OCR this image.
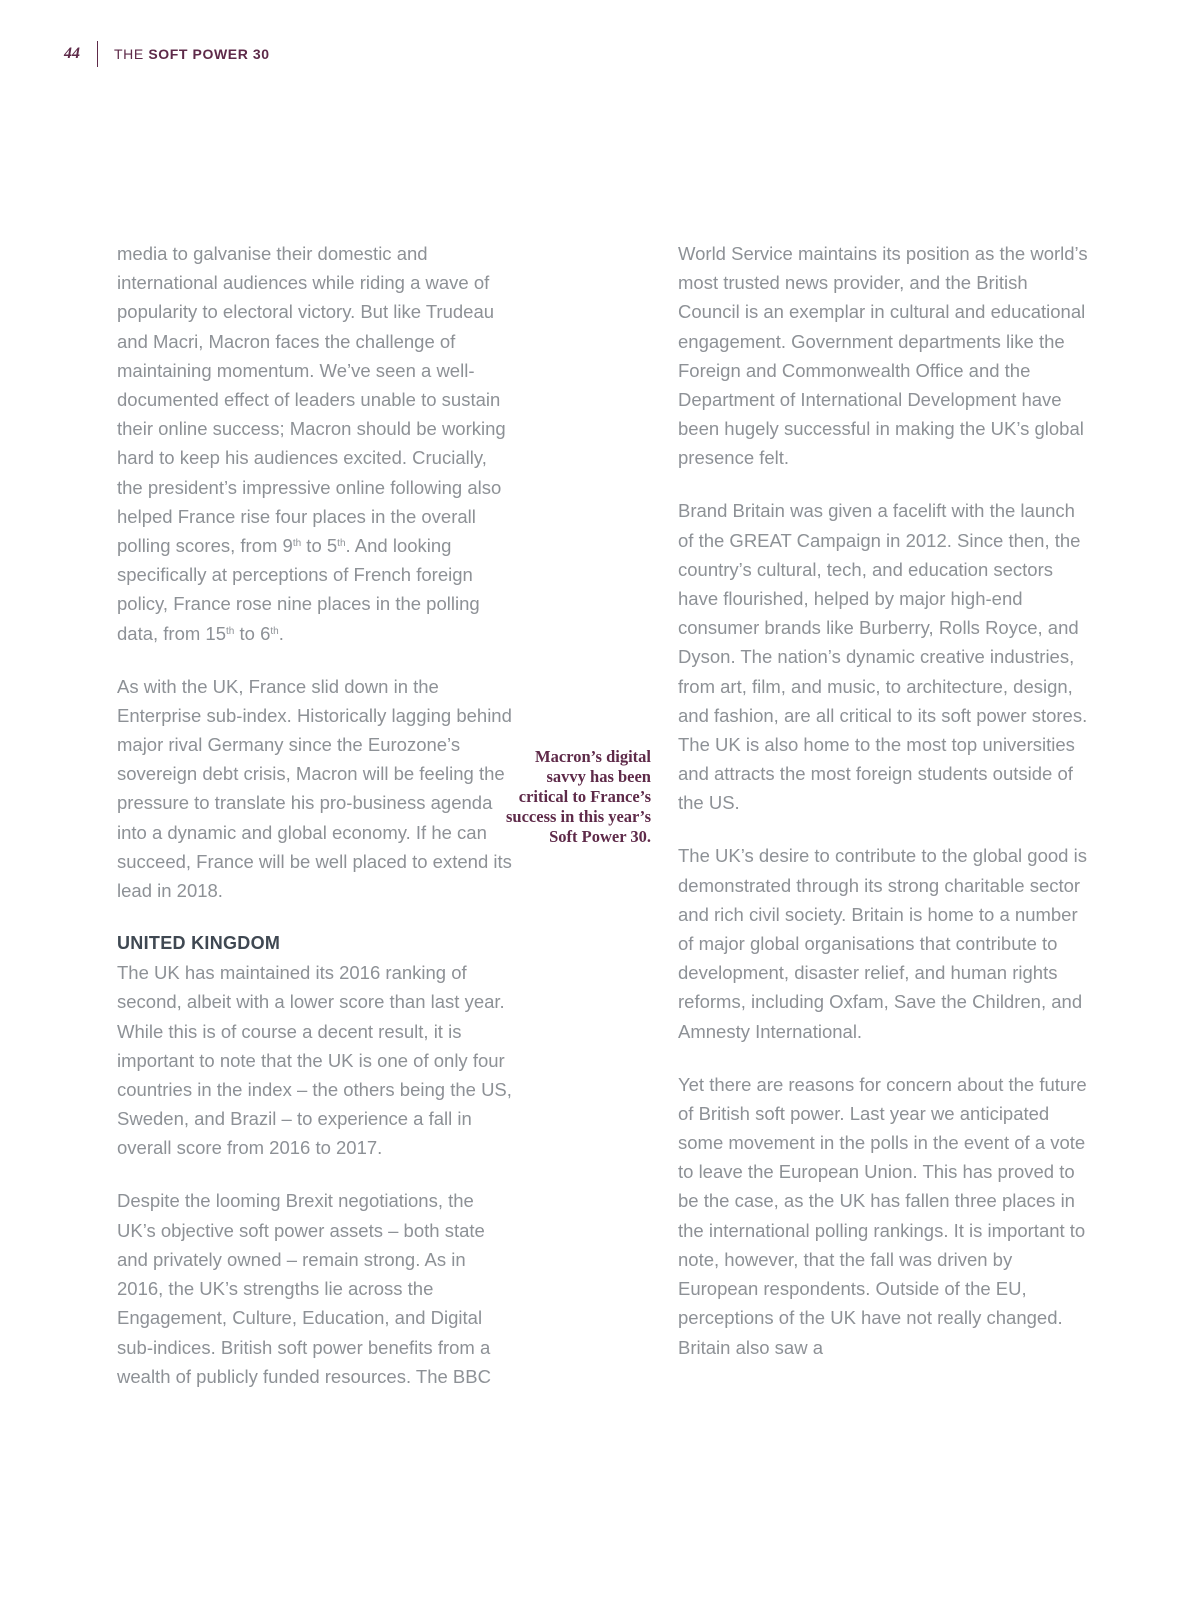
44 THE SOFT POWER 30

media to galvanise their domestic and international audiences while riding a wave of popularity to electoral victory. But like Trudeau and Macri, Macron faces the challenge of maintaining momentum. We’ve seen a well-documented effect of leaders unable to sustain their online success; Macron should be working hard to keep his audiences excited. Crucially, the president’s impressive online following also helped France rise four places in the overall polling scores, from 9th to 5th. And looking specifically at perceptions of French foreign policy, France rose nine places in the polling data, from 15th to 6th.

As with the UK, France slid down in the Enterprise sub-index. Historically lagging behind major rival Germany since the Eurozone’s sovereign debt crisis, Macron will be feeling the pressure to translate his pro-business agenda into a dynamic and global economy. If he can succeed, France will be well placed to extend its lead in 2018.

UNITED KINGDOM

The UK has maintained its 2016 ranking of second, albeit with a lower score than last year. While this is of course a decent result, it is important to note that the UK is one of only four countries in the index – the others being the US, Sweden, and Brazil – to experience a fall in overall score from 2016 to 2017.

Despite the looming Brexit negotiations, the UK’s objective soft power assets – both state and privately owned – remain strong. As in 2016, the UK’s strengths lie across the Engagement, Culture, Education, and Digital sub-indices. British soft power benefits from a wealth of publicly funded resources. The BBC

Macron’s digital savvy has been critical to France’s success in this year’s Soft Power 30.

World Service maintains its position as the world’s most trusted news provider, and the British Council is an exemplar in cultural and educational engagement. Government departments like the Foreign and Commonwealth Office and the Department of International Development have been hugely successful in making the UK’s global presence felt.

Brand Britain was given a facelift with the launch of the GREAT Campaign in 2012. Since then, the country’s cultural, tech, and education sectors have flourished, helped by major high-end consumer brands like Burberry, Rolls Royce, and Dyson. The nation’s dynamic creative industries, from art, film, and music, to architecture, design, and fashion, are all critical to its soft power stores. The UK is also home to the most top universities and attracts the most foreign students outside of the US.

The UK’s desire to contribute to the global good is demonstrated through its strong charitable sector and rich civil society. Britain is home to a number of major global organisations that contribute to development, disaster relief, and human rights reforms, including Oxfam, Save the Children, and Amnesty International.

Yet there are reasons for concern about the future of British soft power. Last year we anticipated some movement in the polls in the event of a vote to leave the European Union. This has proved to be the case, as the UK has fallen three places in the international polling rankings. It is important to note, however, that the fall was driven by European respondents. Outside of the EU, perceptions of the UK have not really changed. Britain also saw a
